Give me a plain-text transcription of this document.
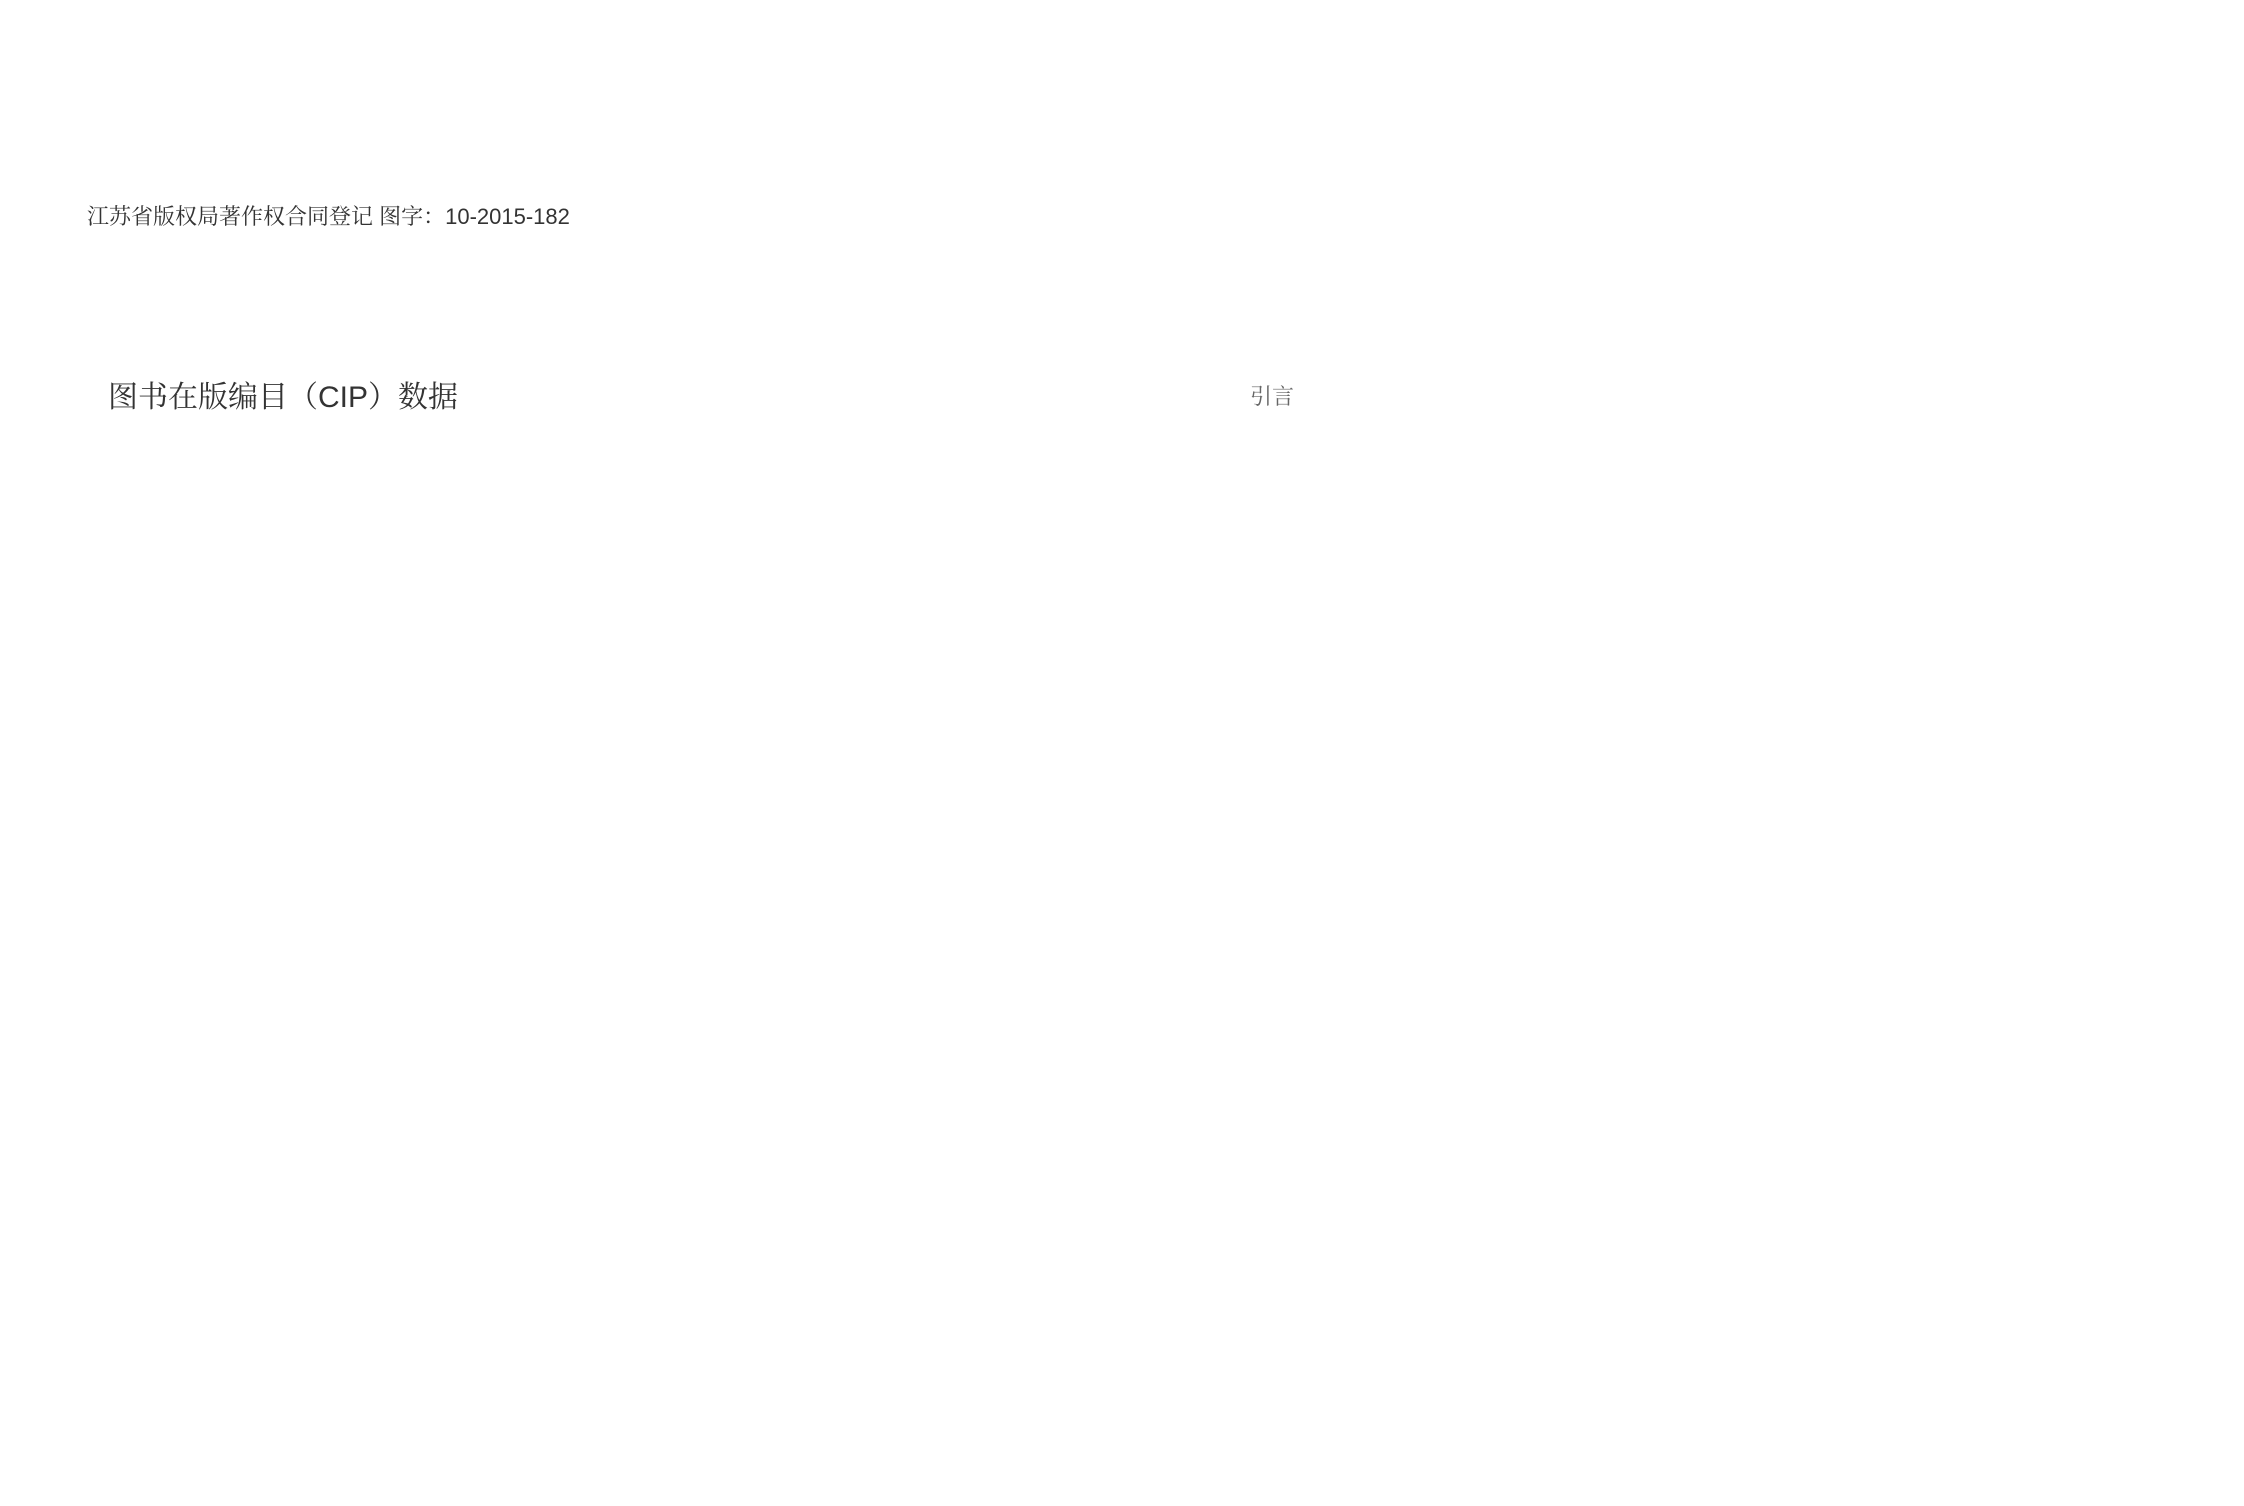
江苏省版权局著作权合同登记 图字：10-2015-182
图书在版编目（CIP）数据	引言
